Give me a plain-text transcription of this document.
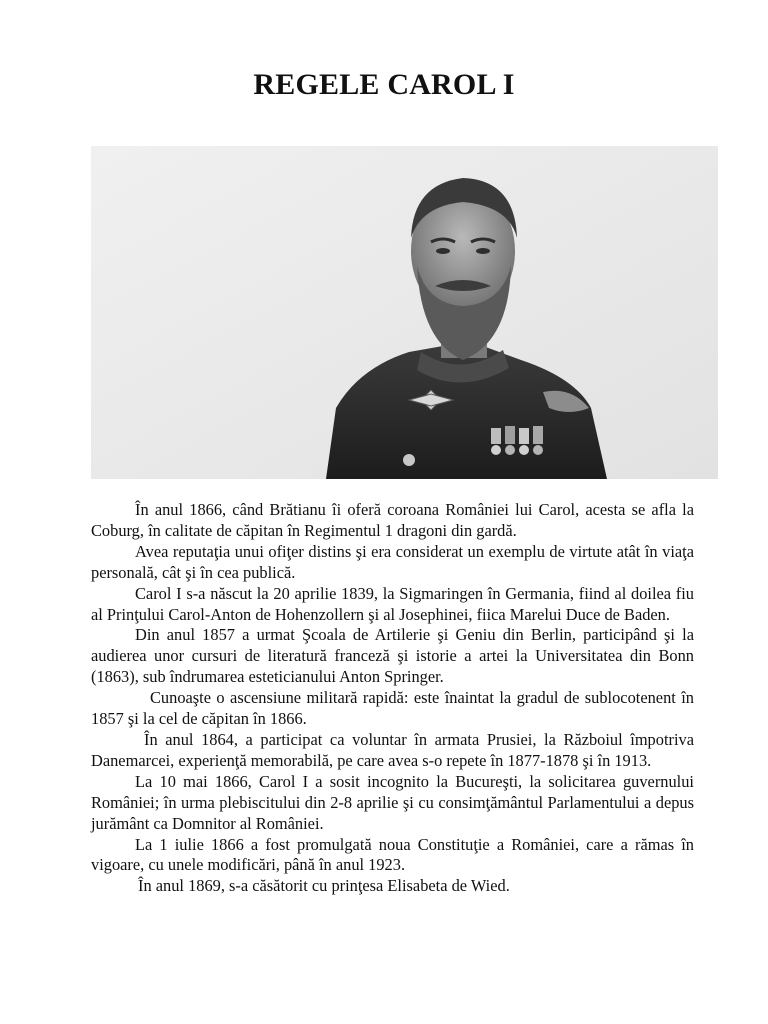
REGELE CAROL I

În anul 1866, când Brătianu îi oferă coroana României lui Carol, acesta se afla la Coburg, în calitate de căpitan în Regimentul 1 dragoni din gardă.

Avea reputaţia unui ofiţer distins şi era considerat un exemplu de virtute atât în viaţa personală, cât şi în cea publică.

Carol I s-a născut la 20 aprilie 1839, la Sigmaringen în Germania, fiind al doilea fiu al Prinţului Carol-Anton de Hohenzollern şi al Josephinei, fiica Marelui Duce de Baden.

Din anul 1857 a urmat Şcoala de Artilerie şi Geniu din Berlin, participând şi la audierea unor cursuri de literatură franceză şi istorie a artei la Universitatea din Bonn (1863), sub îndrumarea esteticianului Anton Springer.

Cunoaşte o ascensiune militară rapidă: este înaintat la gradul de sublocotenent în 1857 şi la cel de căpitan în 1866.

În anul 1864, a participat ca voluntar în armata Prusiei, la Războiul împotriva Danemarcei, experienţă memorabilă, pe care avea s-o repete în 1877-1878 şi în 1913.

La 10 mai 1866, Carol I a sosit incognito la Bucureşti, la solicitarea guvernului României; în urma plebiscitului din 2-8 aprilie şi cu consimţământul Parlamentului a depus jurământ ca Domnitor al României.

La 1 iulie 1866 a fost promulgată noua Constituţie a României, care a rămas în vigoare, cu unele modificări, până în anul 1923.

În anul 1869, s-a căsătorit cu prinţesa Elisabeta de Wied.
